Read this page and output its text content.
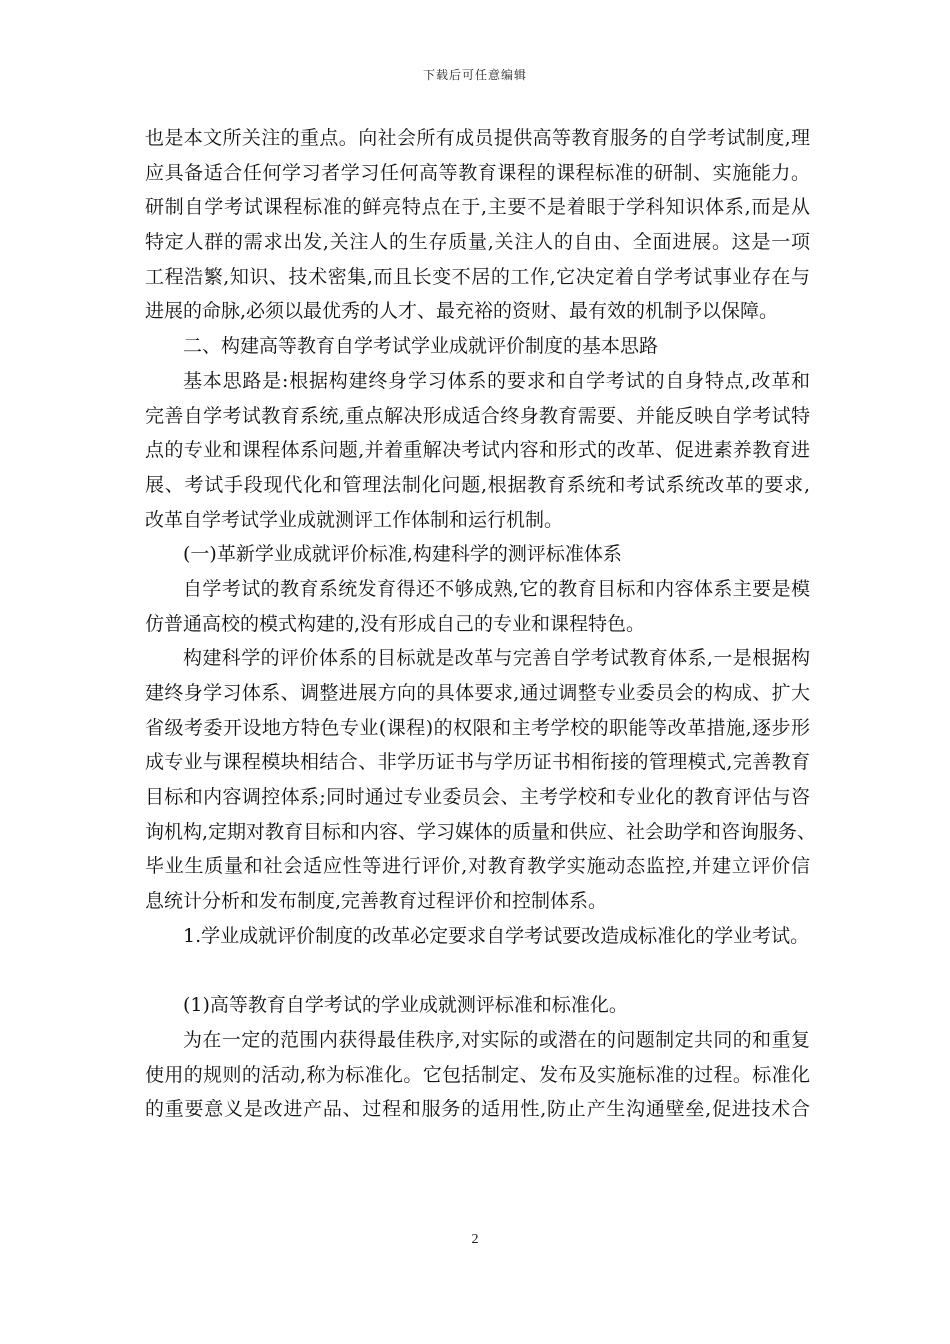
下载后可任意编辑
也是本文所关注的重点。向社会所有成员提供高等教育服务的自学考试制度,理
应具备适合任何学习者学习任何高等教育课程的课程标准的研制、实施能力。
研制自学考试课程标准的鲜亮特点在于,主要不是着眼于学科知识体系,而是从
特定人群的需求出发,关注人的生存质量,关注人的自由、全面进展。这是一项
工程浩繁,知识、技术密集,而且长变不居的工作,它决定着自学考试事业存在与
进展的命脉,必须以最优秀的人才、最充裕的资财、最有效的机制予以保障。
二、构建高等教育自学考试学业成就评价制度的基本思路
基本思路是:根据构建终身学习体系的要求和自学考试的自身特点,改革和
完善自学考试教育系统,重点解决形成适合终身教育需要、并能反映自学考试特
点的专业和课程体系问题,并着重解决考试内容和形式的改革、促进素养教育进
展、考试手段现代化和管理法制化问题,根据教育系统和考试系统改革的要求,
改革自学考试学业成就测评工作体制和运行机制。
(一)革新学业成就评价标准,构建科学的测评标准体系
自学考试的教育系统发育得还不够成熟,它的教育目标和内容体系主要是模
仿普通高校的模式构建的,没有形成自己的专业和课程特色。
构建科学的评价体系的目标就是改革与完善自学考试教育体系,一是根据构
建终身学习体系、调整进展方向的具体要求,通过调整专业委员会的构成、扩大
省级考委开设地方特色专业(课程)的权限和主考学校的职能等改革措施,逐步形
成专业与课程模块相结合、非学历证书与学历证书相衔接的管理模式,完善教育
目标和内容调控体系;同时通过专业委员会、主考学校和专业化的教育评估与咨
询机构,定期对教育目标和内容、学习媒体的质量和供应、社会助学和咨询服务、
毕业生质量和社会适应性等进行评价,对教育教学实施动态监控,并建立评价信
息统计分析和发布制度,完善教育过程评价和控制体系。
1.学业成就评价制度的改革必定要求自学考试要改造成标准化的学业考试。
(1)高等教育自学考试的学业成就测评标准和标准化。
为在一定的范围内获得最佳秩序,对实际的或潜在的问题制定共同的和重复
使用的规则的活动,称为标准化。它包括制定、发布及实施标准的过程。标准化
的重要意义是改进产品、过程和服务的适用性,防止产生沟通壁垒,促进技术合
2
